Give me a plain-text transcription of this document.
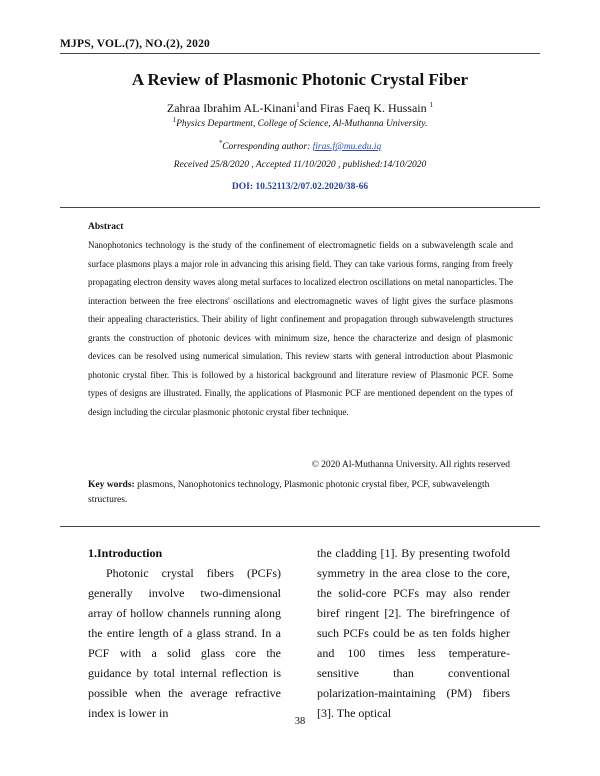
MJPS, VOL.(7), NO.(2), 2020
A Review of Plasmonic Photonic Crystal Fiber
Zahraa Ibrahim AL-Kinani$^1$and Firas Faeq K. Hussain $^1$
$^1$Physics Department, College of Science, Al-Muthanna University.
*Corresponding author: firas.f@mu.edu.iq
Received 25/8/2020 , Accepted 11/10/2020 , published:14/10/2020
DOI: 10.52113/2/07.02.2020/38-66
Abstract
Nanophotonics technology is the study of the confinement of electromagnetic fields on a subwavelength scale and surface plasmons plays a major role in advancing this arising field. They can take various forms, ranging from freely propagating electron density waves along metal surfaces to localized electron oscillations on metal nanoparticles. The interaction between the free electrons' oscillations and electromagnetic waves of light gives the surface plasmons their appealing characteristics. Their ability of light confinement and propagation through subwavelength structures grants the construction of photonic devices with minimum size, hence the characterize and design of plasmonic devices can be resolved using numerical simulation. This review starts with general introduction about Plasmonic photonic crystal fiber. This is followed by a historical background and literature review of Plasmonic PCF. Some types of designs are illustrated. Finally, the applications of Plasmonic PCF are mentioned dependent on the types of design including the circular plasmonic photonic crystal fiber technique.
© 2020 Al-Muthanna University. All rights reserved
Key words: plasmons, Nanophotonics technology, Plasmonic photonic crystal fiber, PCF, subwavelength structures.

1.Introduction

Photonic crystal fibers (PCFs) generally involve two-dimensional array of hollow channels running along the entire length of a glass strand. In a PCF with a solid glass core the guidance by total internal reflection is possible when the average refractive index is lower in

the cladding [1]. By presenting twofold symmetry in the area close to the core, the solid-core PCFs may also render biref ringent [2]. The birefringence of such PCFs could be as ten folds higher and 100 times less temperature-sensitive than conventional polarization-maintaining (PM) fibers [3]. The optical

38
